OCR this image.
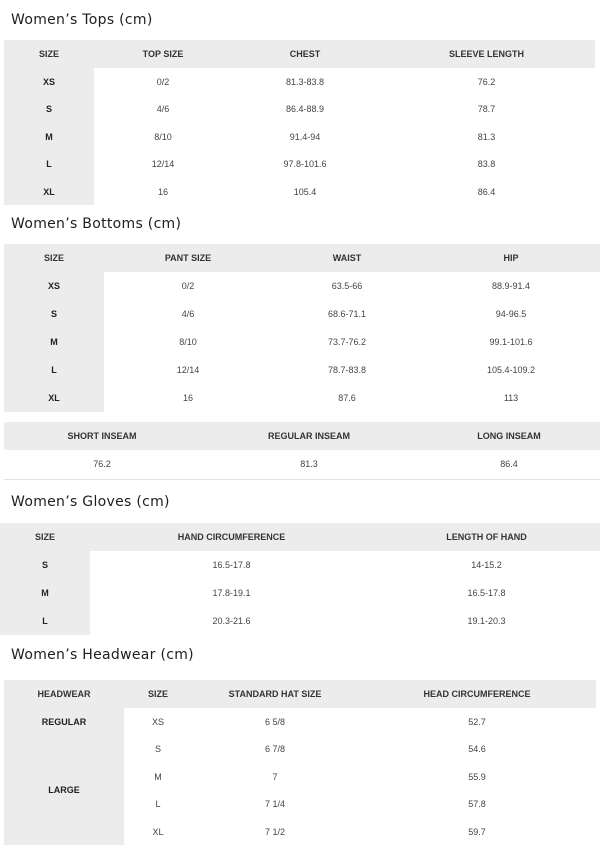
Women’s Tops (cm)
SIZE	TOP SIZE	CHEST	SLEEVE LENGTH
XS	0/2	81.3-83.8	76.2
S	4/6	86.4-88.9	78.7
M	8/10	91.4-94	81.3
L	12/14	97.8-101.6	83.8
XL	16	105.4	86.4
Women’s Bottoms (cm)
SIZE	PANT SIZE	WAIST	HIP
XS	0/2	63.5-66	88.9-91.4
S	4/6	68.6-71.1	94-96.5
M	8/10	73.7-76.2	99.1-101.6
L	12/14	78.7-83.8	105.4-109.2
XL	16	87.6	113
SHORT INSEAM	REGULAR INSEAM	LONG INSEAM
76.2	81.3	86.4
Women’s Gloves (cm)
SIZE	HAND CIRCUMFERENCE	LENGTH OF HAND
S	16.5-17.8	14-15.2
M	17.8-19.1	16.5-17.8
L	20.3-21.6	19.1-20.3
Women’s Headwear (cm)
HEADWEAR	SIZE	STANDARD HAT SIZE	HEAD CIRCUMFERENCE
REGULAR	XS	6 5/8	52.7
LARGE	S	6 7/8	54.6
	M	7	55.9
	L	7 1/4	57.8
	XL	7 1/2	59.7
